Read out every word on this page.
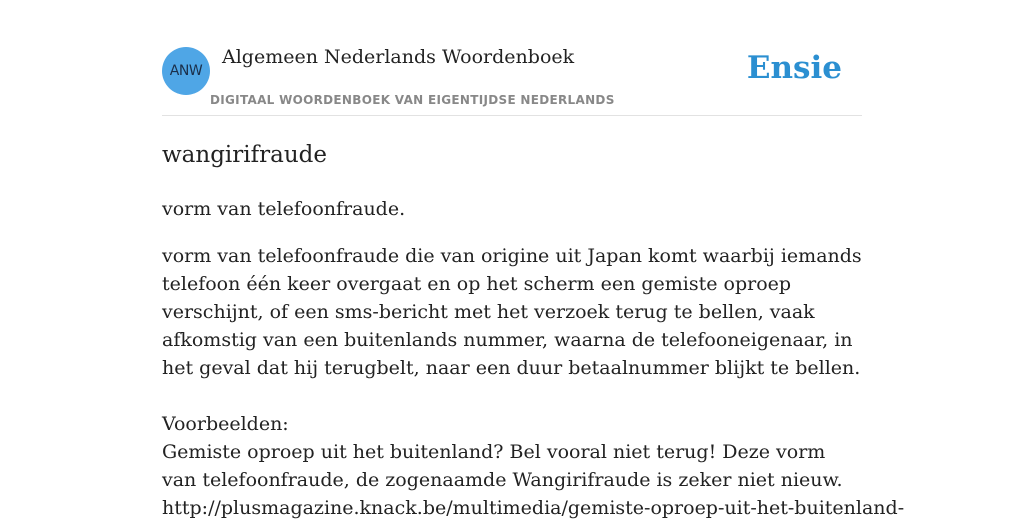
ANW
Algemeen Nederlands Woordenboek
DIGITAAL WOORDENBOEK VAN EIGENTIJDSE NEDERLANDS
Ensie
wangirifraude

vorm van telefoonfraude.

vorm van telefoonfraude die van origine uit Japan komt waarbij iemands telefoon één keer overgaat en op het scherm een gemiste oproep verschijnt, of een sms-bericht met het verzoek terug te bellen, vaak afkomstig van een buitenlands nummer, waarna de telefooneigenaar, in het geval dat hij terugbelt, naar een duur betaalnummer blijkt te bellen.

Voorbeelden:

Gemiste oproep uit het buitenland? Bel vooral niet terug! Deze vorm van telefoonfraude, de zogenaamde Wangirifraude is zeker niet nieuw.

http://plusmagazine.knack.be/multimedia/gemiste-oproep-uit-het-buitenland-
